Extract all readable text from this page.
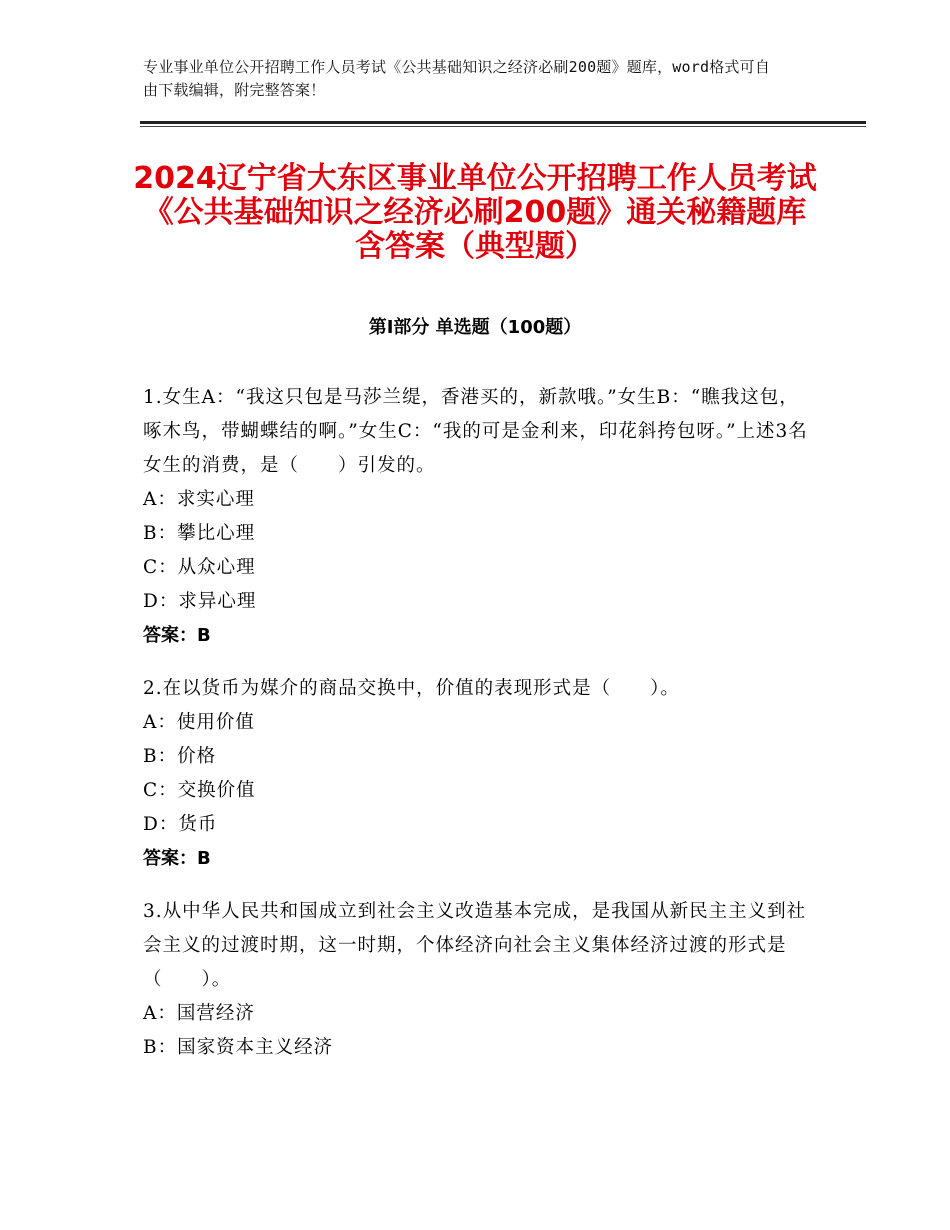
专业事业单位公开招聘工作人员考试《公共基础知识之经济必刷200题》题库，word格式可自由下载编辑，附完整答案！
2024辽宁省大东区事业单位公开招聘工作人员考试《公共基础知识之经济必刷200题》通关秘籍题库含答案（典型题）
第Ⅰ部分 单选题（100题）

1.女生A：“我这只包是马莎兰缇，香港买的，新款哦。”女生B：“瞧我这包，啄木鸟，带蝴蝶结的啊。”女生C：“我的可是金利来，印花斜挎包呀。”上述3名女生的消费，是（　　）引发的。

A：求实心理
B：攀比心理
C：从众心理
D：求异心理
答案：B

2.在以货币为媒介的商品交换中，价值的表现形式是（　　）。

A：使用价值
B：价格
C：交换价值
D：货币
答案：B

3.从中华人民共和国成立到社会主义改造基本完成，是我国从新民主主义到社会主义的过渡时期，这一时期，个体经济向社会主义集体经济过渡的形式是（　　）。

A：国营经济
B：国家资本主义经济
